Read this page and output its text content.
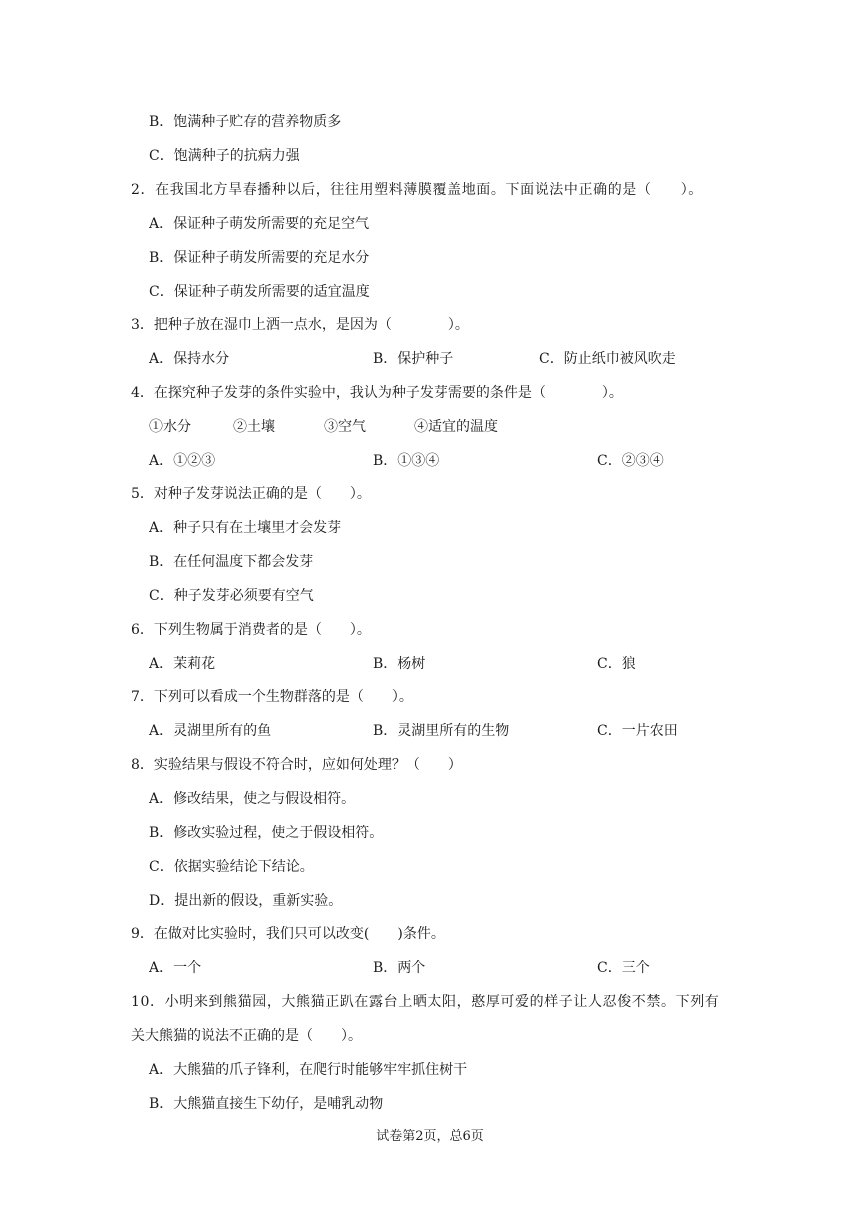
B．饱满种子贮存的营养物质多
C．饱满种子的抗病力强
2．在我国北方旱春播种以后，往往用塑料薄膜覆盖地面。下面说法中正确的是（　　）。
A．保证种子萌发所需要的充足空气
B．保证种子萌发所需要的充足水分
C．保证种子萌发所需要的适宜温度
3．把种子放在湿巾上洒一点水，是因为（　　　　）。
A．保持水分	B．保护种子	C．防止纸巾被风吹走
4．在探究种子发芽的条件实验中，我认为种子发芽需要的条件是（　　　　）。
①水分	②土壤	③空气	④适宜的温度
A．①②③	B．①③④	C．②③④
5．对种子发芽说法正确的是（　　）。
A．种子只有在土壤里才会发芽
B．在任何温度下都会发芽
C．种子发芽必须要有空气
6．下列生物属于消费者的是（　　）。
A．茉莉花	B．杨树	C．狼
7．下列可以看成一个生物群落的是（　　）。
A．灵湖里所有的鱼	B．灵湖里所有的生物	C．一片农田
8．实验结果与假设不符合时，应如何处理？（　　）
A．修改结果，使之与假设相符。
B．修改实验过程，使之于假设相符。
C．依据实验结论下结论。
D．提出新的假设，重新实验。
9．在做对比实验时，我们只可以改变(　　)条件。
A．一个	B．两个	C．三个
10．小明来到熊猫园，大熊猫正趴在露台上晒太阳，憨厚可爱的样子让人忍俊不禁。下列有
关大熊猫的说法不正确的是（　　）。
A．大熊猫的爪子锋利，在爬行时能够牢牢抓住树干
B．大熊猫直接生下幼仔，是哺乳动物
试卷第2页，总6页
